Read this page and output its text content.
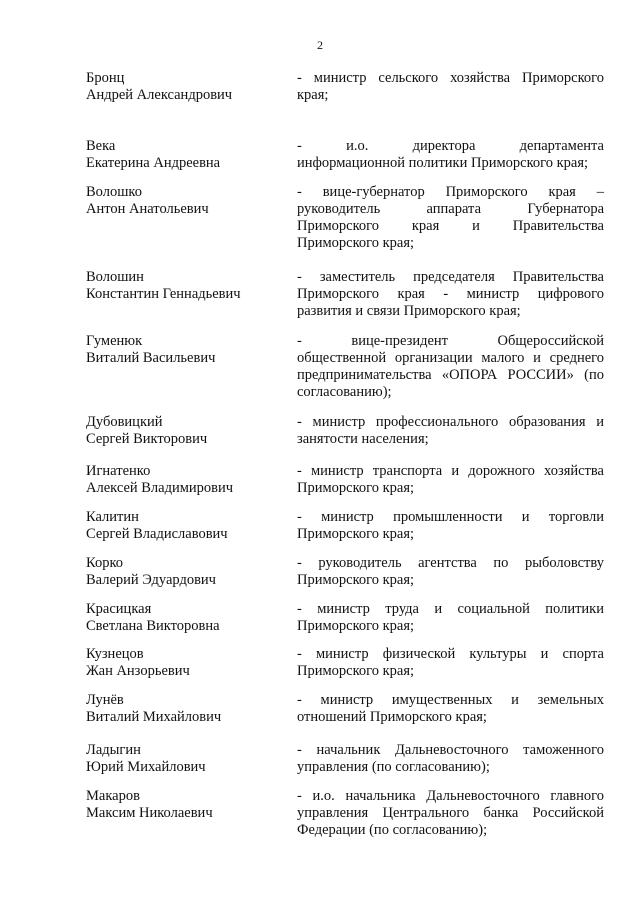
2
Бронц
Андрей Александрович
- министр сельского хозяйства Приморского
края;
Века
Екатерина Андреевна
- и.о. директора департамента
информационной политики Приморского края;
Волошко
Антон Анатольевич
- вице-губернатор Приморского края –
руководитель аппарата Губернатора
Приморского края и Правительства
Приморского края;
Волошин
Константин Геннадьевич
- заместитель председателя Правительства
Приморского края - министр цифрового
развития и связи Приморского края;
Гуменюк
Виталий Васильевич
- вице-президент Общероссийской
общественной организации малого и среднего
предпринимательства «ОПОРА РОССИИ» (по
согласованию);
Дубовицкий
Сергей Викторович
- министр профессионального образования и
занятости населения;
Игнатенко
Алексей Владимирович
- министр транспорта и дорожного хозяйства
Приморского края;
Калитин
Сергей Владиславович
- министр промышленности и торговли
Приморского края;
Корко
Валерий Эдуардович
- руководитель агентства по рыболовству
Приморского края;
Красицкая
Светлана Викторовна
- министр труда и социальной политики
Приморского края;
Кузнецов
Жан Анзорьевич
- министр физической культуры и спорта
Приморского края;
Лунёв
Виталий Михайлович
- министр имущественных и земельных
отношений Приморского края;
Ладыгин
Юрий Михайлович
- начальник Дальневосточного таможенного
управления (по согласованию);
Макаров
Максим Николаевич
- и.о. начальника Дальневосточного главного
управления Центрального банка Российской
Федерации (по согласованию);
